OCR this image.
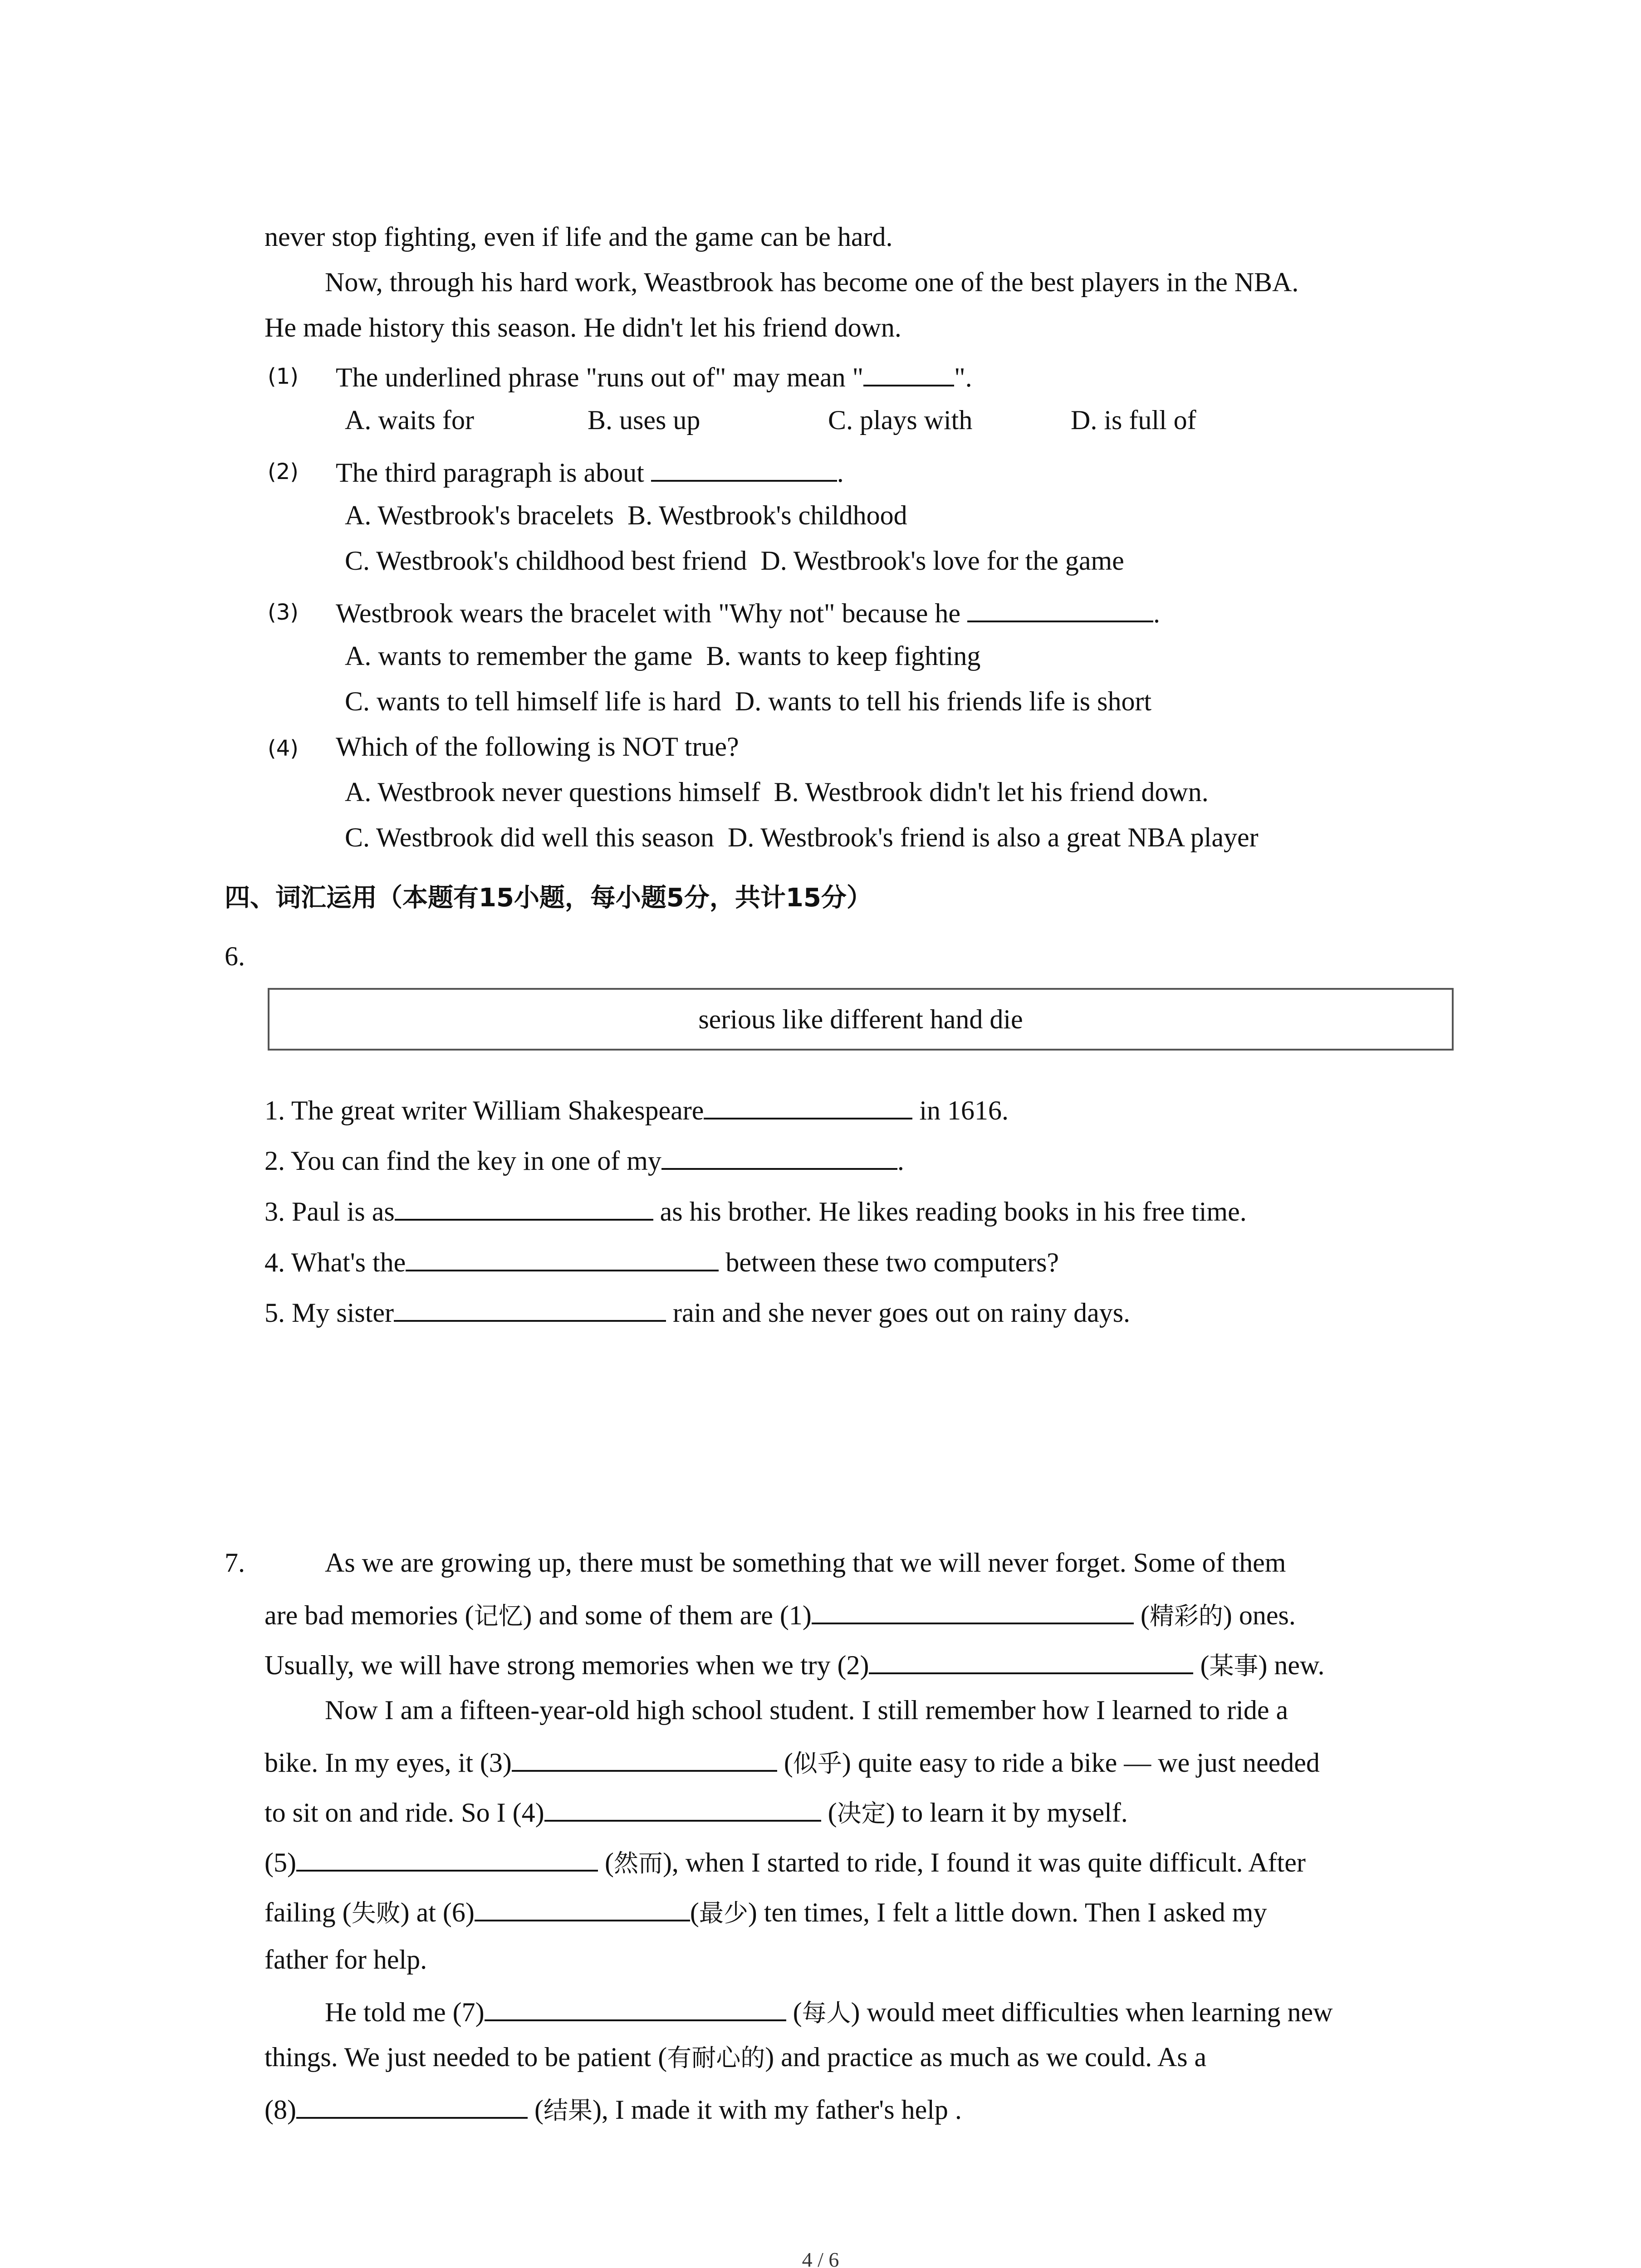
never stop fighting, even if life and the game can be hard.
Now, through his hard work, Weastbrook has become one of the best players in the NBA.
He made history this season. He didn't let his friend down.
(1) The underlined phrase "runs out of" may mean "	".
A. waits for	B. uses up	C. plays with	D. is full of
(2) The third paragraph is about	.
A. Westbrook's bracelets B. Westbrook's childhood
C. Westbrook's childhood best friend D. Westbrook's love for the game
(3) Westbrook wears the bracelet with "Why not" because he	.
A. wants to remember the game B. wants to keep fighting
C. wants to tell himself life is hard D. wants to tell his friends life is short
(4) Which of the following is NOT true?
A. Westbrook never questions himself B. Westbrook didn't let his friend down.
C. Westbrook did well this season D. Westbrook's friend is also a great NBA player
四、词汇运用（本题有15小题，每小题5分，共计15分）
6.
serious like different hand die
1. The great writer William Shakespeare	in 1616.
2. You can find the key in one of my	.
3. Paul is as	as his brother. He likes reading books in his free time.
4. What's the	between these two computers?
5. My sister	rain and she never goes out on rainy days.
7.	As we are growing up, there must be something that we will never forget. Some of them
are bad memories (记忆) and some of them are (1)	(精彩的) ones.
Usually, we will have strong memories when we try (2)	(某事) new.
Now I am a fifteen-year-old high school student. I still remember how I learned to ride a
bike. In my eyes, it (3)	(似乎) quite easy to ride a bike — we just needed
to sit on and ride. So I (4)	(决定) to learn it by myself.
(5)	(然而), when I started to ride, I found it was quite difficult. After
failing (失败) at (6)	(最少) ten times, I felt a little down. Then I asked my
father for help.
He told me (7)	(每人) would meet difficulties when learning new
things. We just needed to be patient (有耐心的) and practice as much as we could. As a
(8)	(结果), I made it with my father's help .
4 / 6
